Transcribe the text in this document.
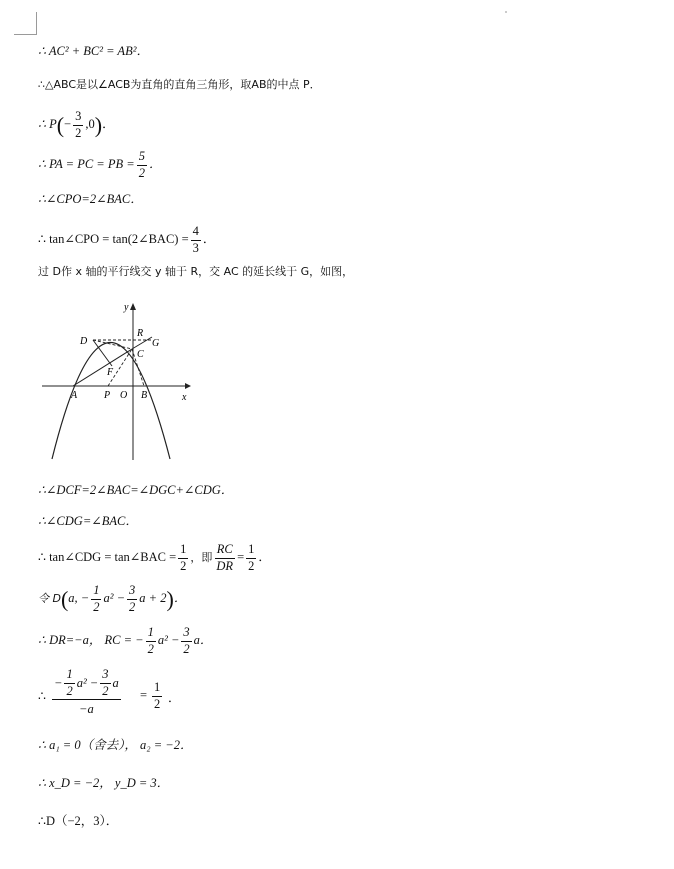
∴ AC² + BC² = AB²．
∴△ABC是以∠ACB为直角的直角三角形，取AB的中点 P．
∴ $P(- \frac{3}{2} ,0)$．
∴ PA = PC = PB = $\frac{5}{2}$ ．
∴∠CPO=2∠BAC．
∴ tan∠CPO = tan(2∠BAC) = $\frac{4}{3}$ ．
过 D作 x 轴的平行线交 y 轴于 R，交 AC 的延长线于 G，如图，
y
x
R
D	G
C
F
A	P O B
∴∠DCF=2∠BAC=∠DGC+∠CDG．
∴∠CDG=∠BAC．
∴ tan∠CDG = tan∠BAC = $\frac{1}{2}$ ，即 $\frac{RC}{DR} = \frac{1}{2}$ ．
令 D(a, − $\frac{1}{2} a^2 - \frac{3}{2}$ a + 2)．
∴ DR=−a， RC = − $\frac{1}{2} a^2 - \frac{3}{2}$ a．
∴
− $\frac{1}{2} a^2 - \frac{3}{2}$ a
−a
= $\frac{1}{2}$ ．
∴ a₁ = 0（舍去）， a₂ = −2．
∴ x_D = −2， y_D = 3．
∴D（−2，3）．
